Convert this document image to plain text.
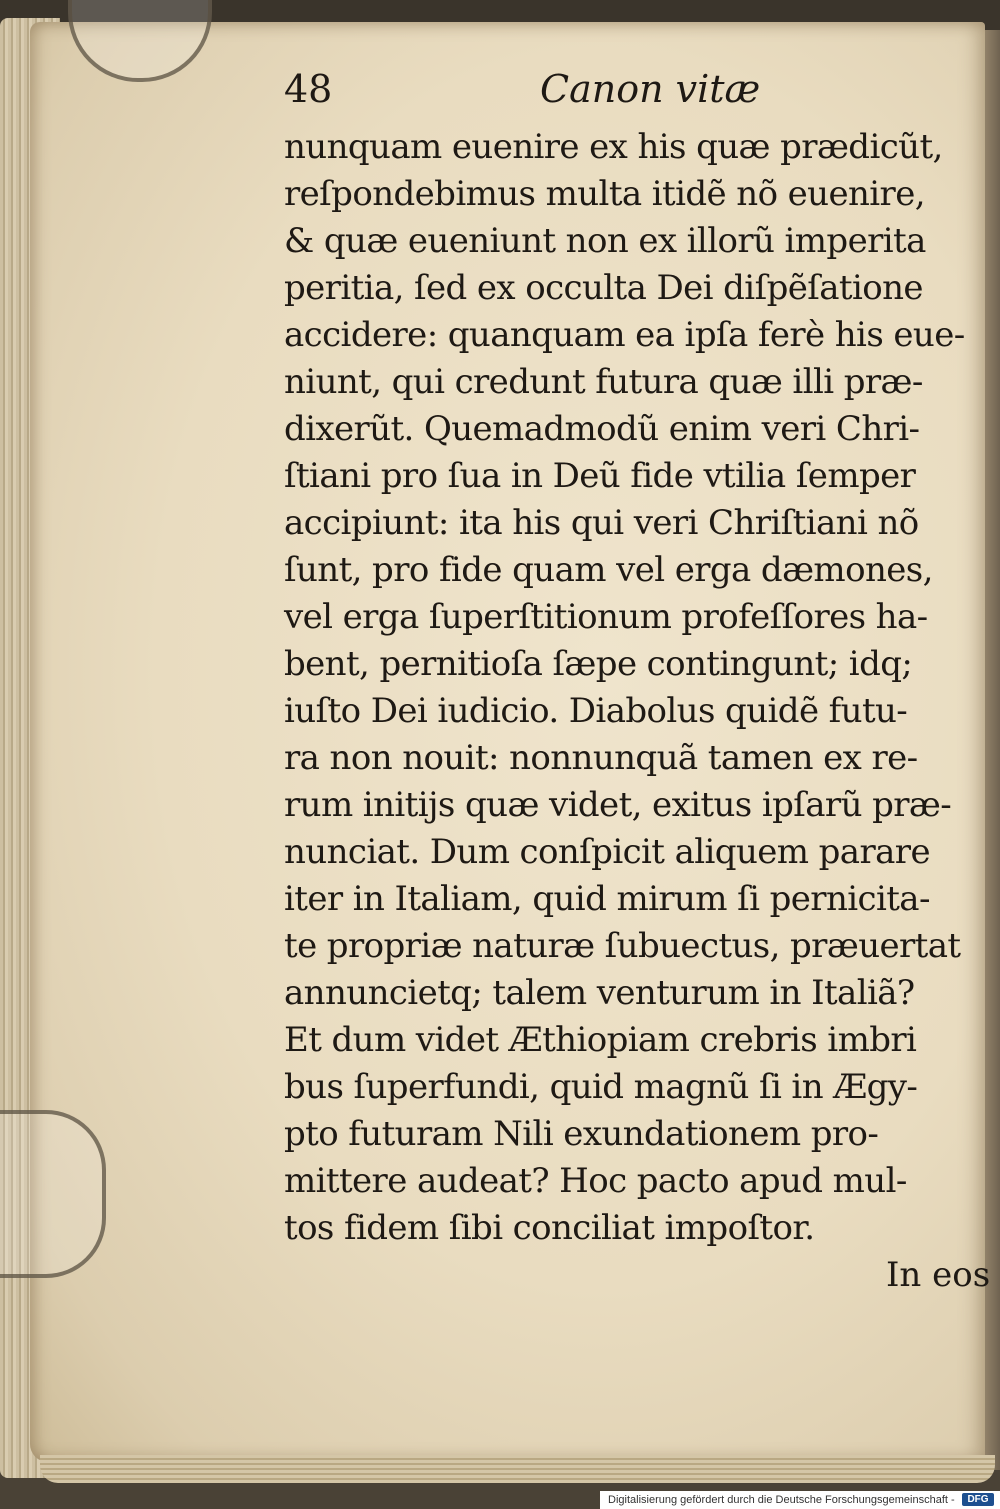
48	Canon vitæ
nunquam euenire ex his quæ prædicũt,
reſpondebimus multa itidẽ nõ euenire,
& quæ eueniunt non ex illorũ imperita
peritia, ſed ex occulta Dei diſpẽſatione
accidere: quanquam ea ipſa ferè his eue-
niunt, qui credunt futura quæ illi præ-
dixerũt. Quemadmodũ enim veri Chri-
ſtiani pro ſua in Deũ fide vtilia ſemper
accipiunt: ita his qui veri Chriſtiani nõ
ſunt, pro fide quam vel erga dæmones,
vel erga ſuperſtitionum profeſſores ha-
bent, pernitioſa ſæpe contingunt; idq;
iuſto Dei iudicio. Diabolus quidẽ futu-
ra non nouit: nonnunquã tamen ex re-
rum initijs quæ videt, exitus ipſarũ præ-
nunciat. Dum conſpicit aliquem parare
iter in Italiam, quid mirum ſi pernicita-
te propriæ naturæ ſubuectus, præuertat
annuncietq; talem venturum in Italiã?
Et dum videt Æthiopiam crebris imbri
bus ſuperfundi, quid magnũ ſi in Ægy-
pto futuram Nili exundationem pro-
mittere audeat? Hoc pacto apud mul-
tos fidem ſibi conciliat impoſtor.
In eos
Digitalisierung gefördert durch die Deutsche Forschungsgemeinschaft -	DFG
